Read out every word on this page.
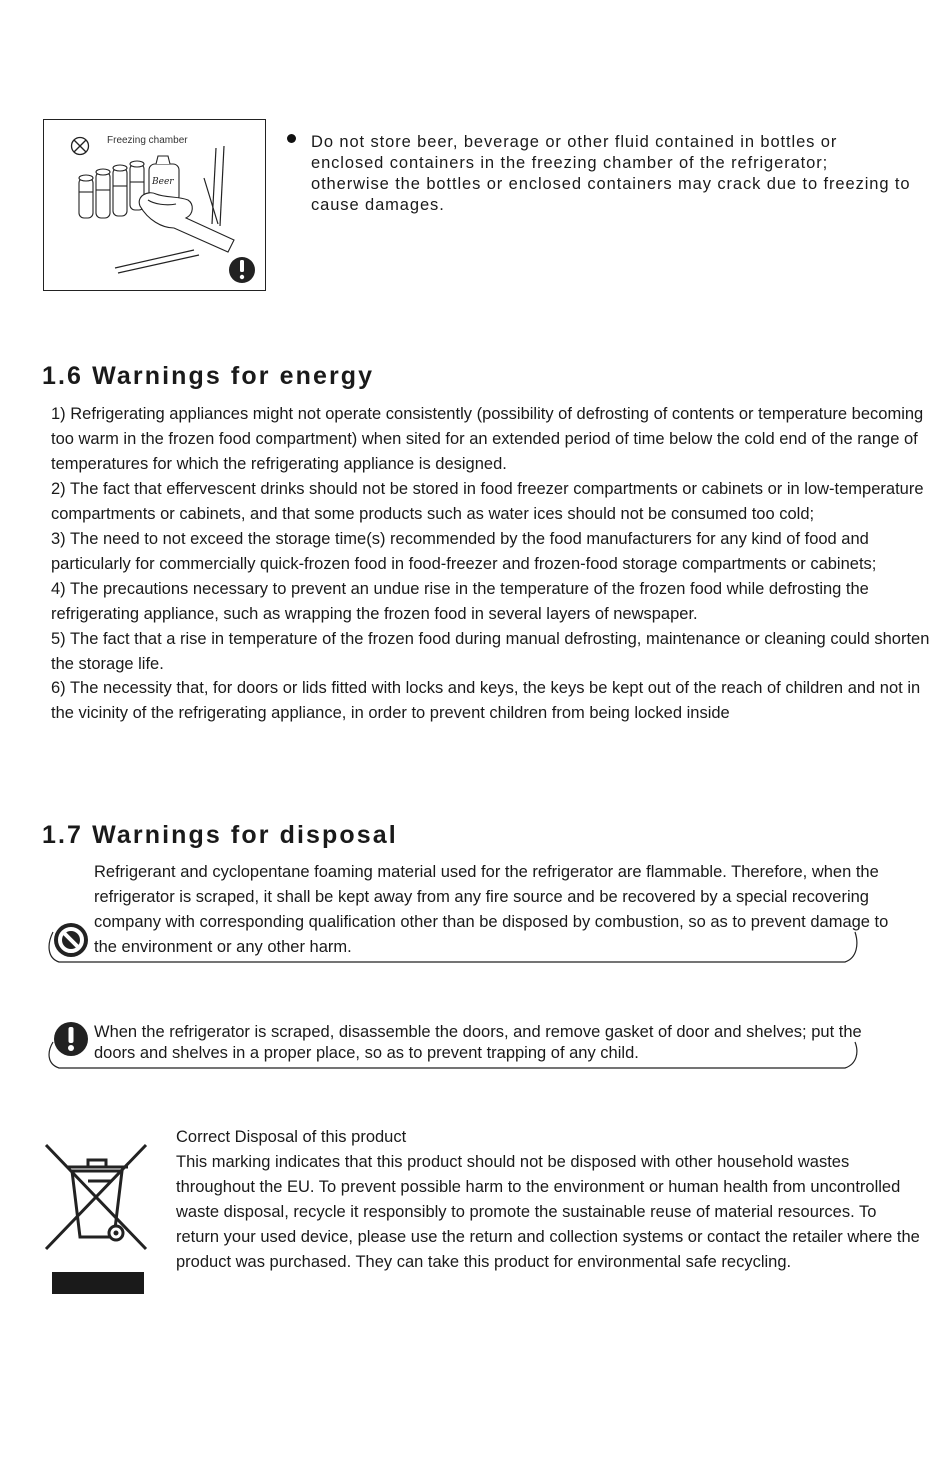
Beer
Freezing chamber	Do not store beer, beverage or other fluid contained in bottles or enclosed containers in the freezing chamber of the refrigerator; otherwise the bottles or enclosed containers may crack due to freezing to cause damages.

1.6 Warnings for energy
1) Refrigerating appliances might not operate consistently (possibility of defrosting of contents or temperature becoming too warm in the frozen food compartment) when sited for an extended period of time below the cold end of the range of temperatures for which the refrigerating appliance is designed.
2) The fact that effervescent drinks should not be stored in food freezer compartments or cabinets or in low-temperature compartments or cabinets, and that some products such as water ices should not be consumed too cold;
3) The need to not exceed the storage time(s) recommended by the food manufacturers for any kind of food and particularly for commercially quick-frozen food in food-freezer and frozen-food storage compartments or cabinets;
4) The precautions necessary to prevent an undue rise in the temperature of the frozen food while defrosting the refrigerating appliance, such as wrapping the frozen food in several layers of newspaper.
5) The fact that a rise in temperature of the frozen food during manual defrosting, maintenance or cleaning could shorten the storage life.
6) The necessity that, for doors or lids fitted with locks and keys, the keys be kept out of the reach of children and not in the vicinity of the refrigerating appliance, in order to prevent children from being locked inside
1.7 Warnings for disposal

Refrigerant and cyclopentane foaming material used for the refrigerator are flammable. Therefore, when the refrigerator is scraped, it shall be kept away from any fire source and be recovered by a special recovering company with corresponding qualification other than be disposed by combustion, so as to prevent damage to the environment or any other harm.

When the refrigerator is scraped, disassemble the doors, and remove gasket of door and shelves; put the doors and shelves in a proper place, so as to prevent trapping of any child.

Correct Disposal of this product

This marking indicates that this product should not be disposed with other household wastes throughout the EU. To prevent possible harm to the environment or human health from uncontrolled waste disposal, recycle it responsibly to promote the sustainable reuse of material resources. To return your used device, please use the return and collection systems or contact the retailer where the product was purchased. They can take this product for environmental safe recycling.
